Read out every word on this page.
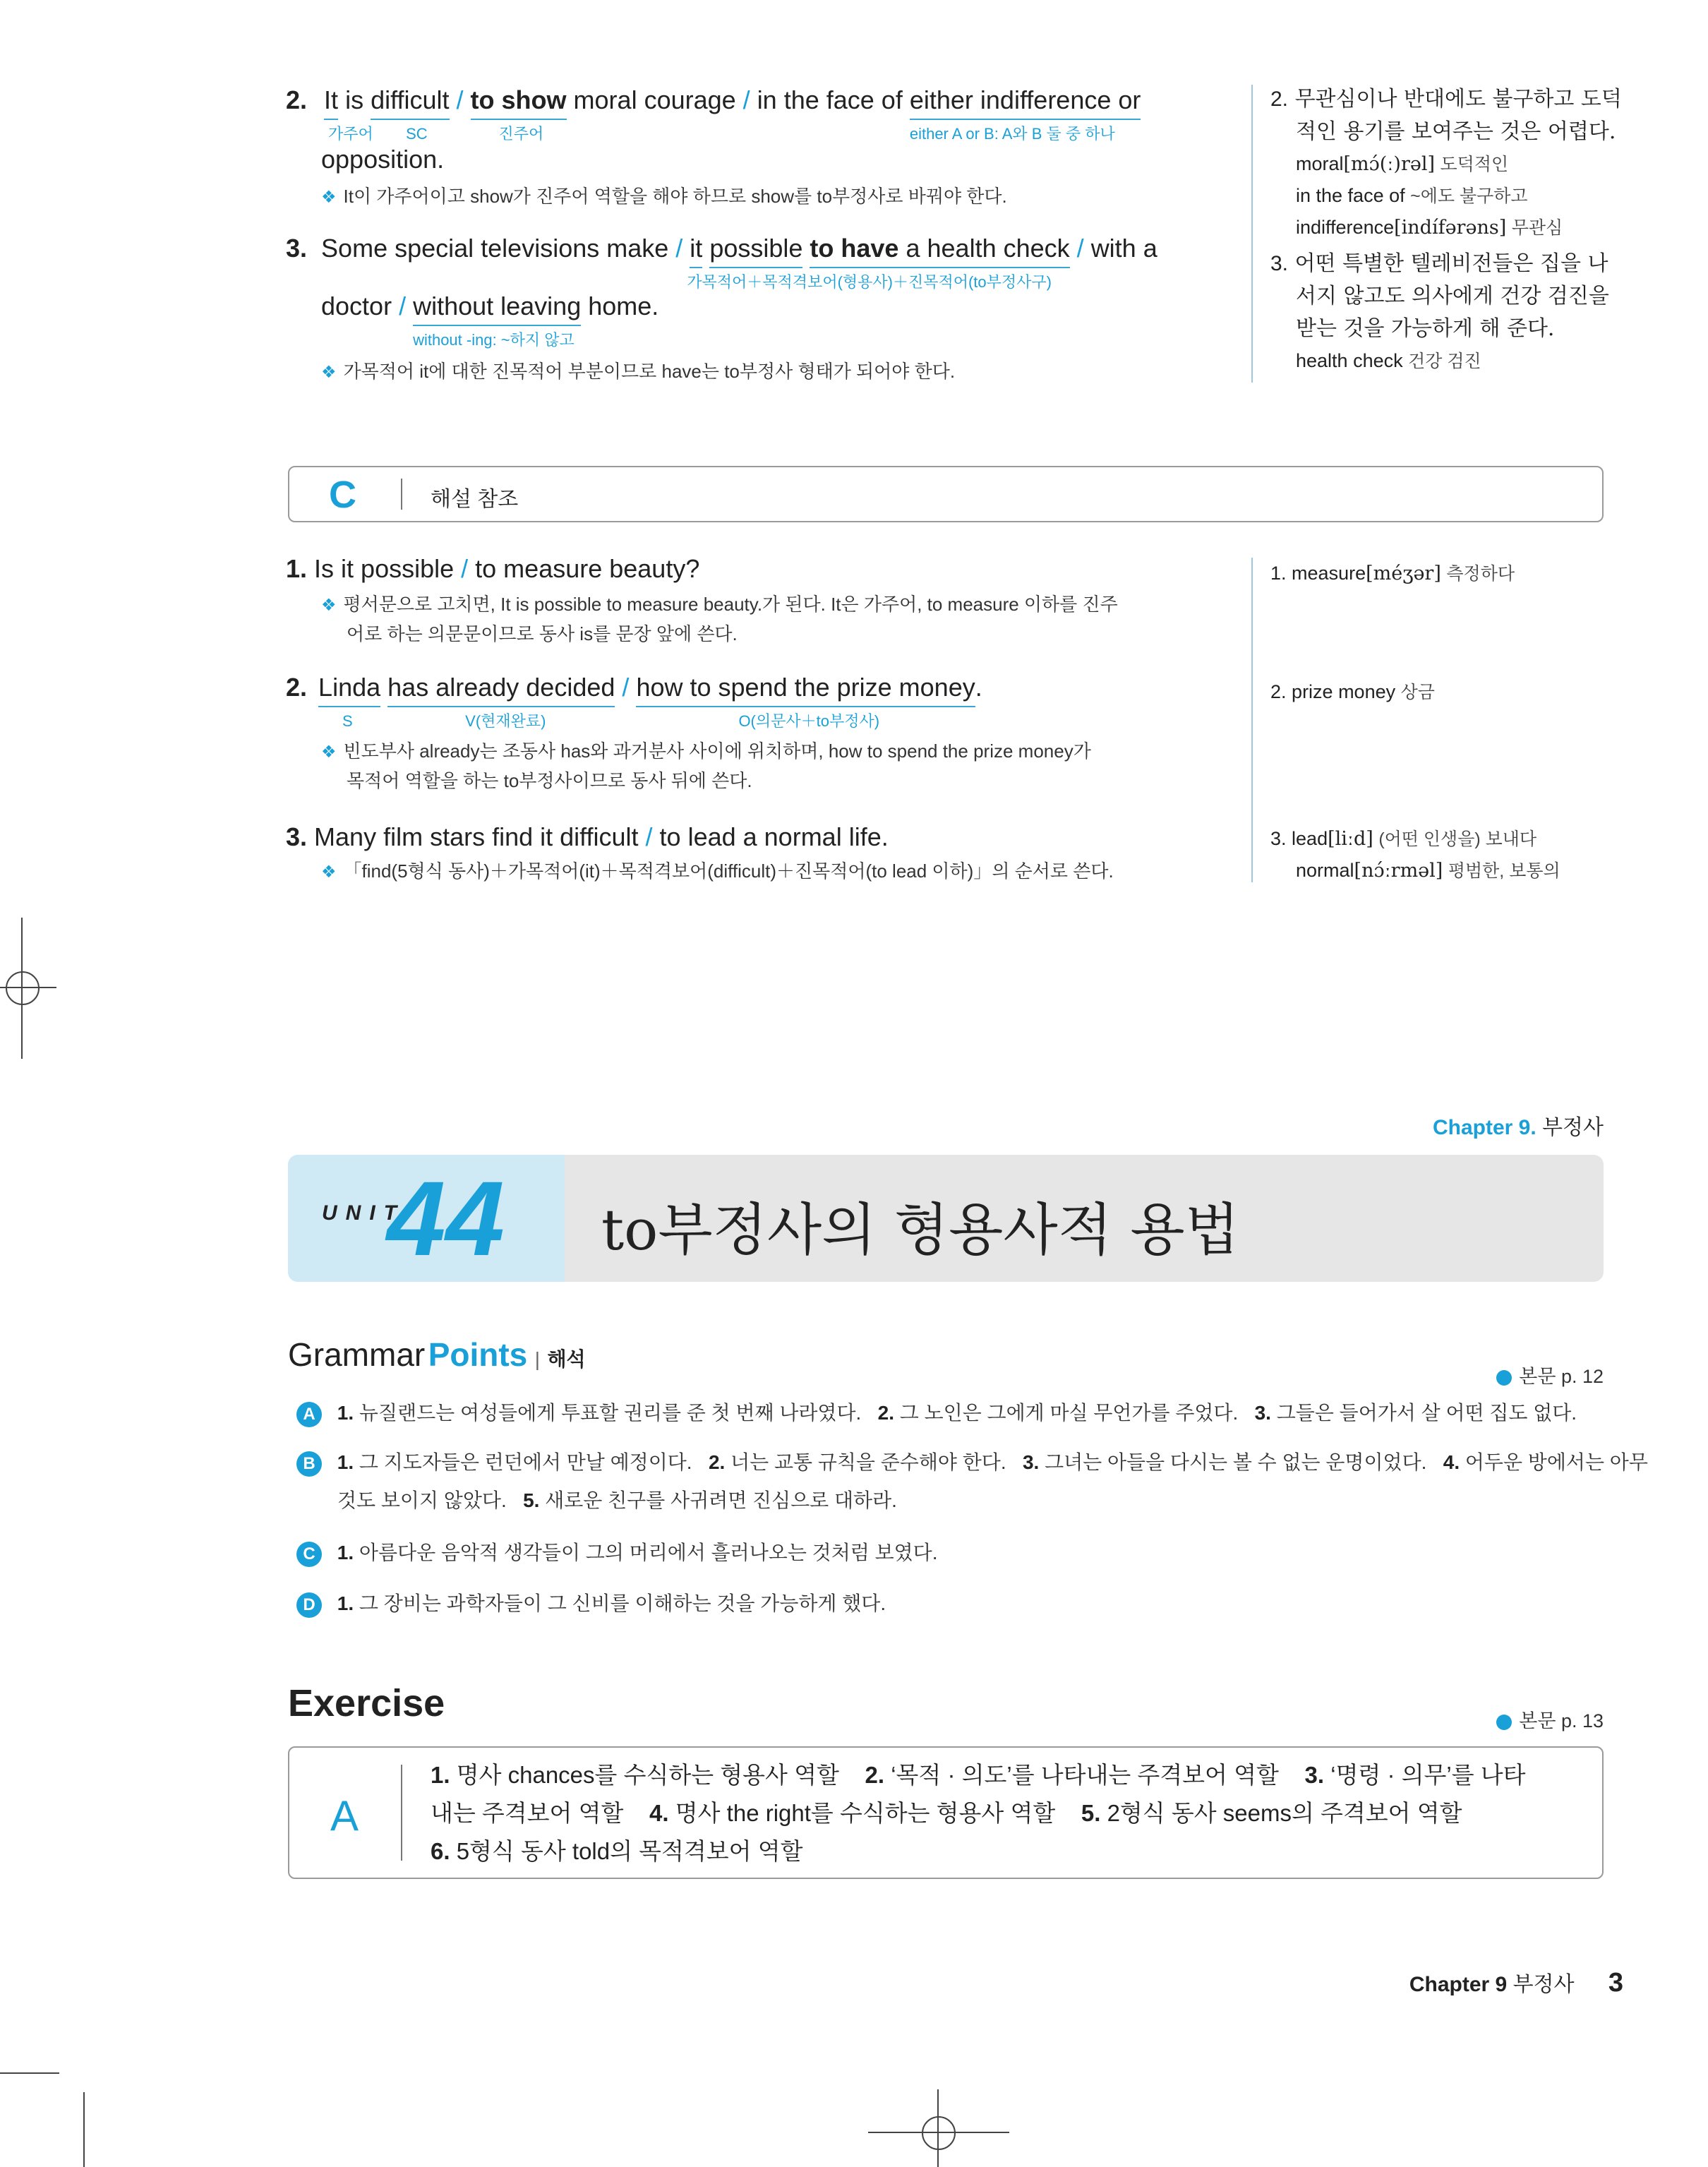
2. It
가주어
is difficult
SC
/ to show
진주어
moral courage / in the face of either indifference or
either A or B: A와 B 둘 중 하나
opposition.
❖ It이 가주어이고 show가 진주어 역할을 해야 하므로 show를 to부정사로 바꿔야 한다.
3. Some special televisions make / it
가목적어＋목적격보어(형용사)＋진목적어(to부정사구)
possible to have a health check / with a
doctor / without leaving
without -ing: ~하지 않고
home.
❖ 가목적어 it에 대한 진목적어 부분이므로 have는 to부정사 형태가 되어야 한다.
2. 무관심이나 반대에도 불구하고 도덕
적인 용기를 보여주는 것은 어렵다.
moral[mɔ́(ː)rəl] 도덕적인
in the face of ~에도 불구하고
indifference[indífərəns] 무관심
3. 어떤 특별한 텔레비전들은 집을 나
서지 않고도 의사에게 건강 검진을
받는 것을 가능하게 해 준다.
health check 건강 검진
C	해설 참조
1. Is it possible / to measure beauty?
❖ 평서문으로 고치면, It is possible to measure beauty.가 된다. It은 가주어, to measure 이하를 진주
어로 하는 의문문이므로 동사 is를 문장 앞에 쓴다.
1. measure[méʒər] 측정하다
2. Linda
S
has already decided
V(현재완료)
/ how to spend the prize money
O(의문사＋to부정사)
.
❖ 빈도부사 already는 조동사 has와 과거분사 사이에 위치하며, how to spend the prize money가
목적어 역할을 하는 to부정사이므로 동사 뒤에 쓴다.
2. prize money 상금
3. Many film stars find it difficult / to lead a normal life.
❖ 「find(5형식 동사)＋가목적어(it)＋목적격보어(difficult)＋진목적어(to lead 이하)」의 순서로 쓴다.
3. lead[liːd] (어떤 인생을) 보내다
normal[nɔ́ːrməl] 평범한, 보통의
Chapter 9. 부정사
UNIT
44 to부정사의 형용사적 용법
Grammar Points | 해석
본문 p. 12
A 1. 뉴질랜드는 여성들에게 투표할 권리를 준 첫 번째 나라였다.   2. 그 노인은 그에게 마실 무언가를 주었다.   3. 그들은 들어가서 살 어떤 집도 없다.
B 1. 그 지도자들은 런던에서 만날 예정이다.   2. 너는 교통 규칙을 준수해야 한다.   3. 그녀는 아들을 다시는 볼 수 없는 운명이었다.   4. 어두운 방에서는 아무
것도 보이지 않았다.   5. 새로운 친구를 사귀려면 진심으로 대하라.
C 1. 아름다운 음악적 생각들이 그의 머리에서 흘러나오는 것처럼 보였다.
D 1. 그 장비는 과학자들이 그 신비를 이해하는 것을 가능하게 했다.
Exercise	본문 p. 13
A
1. 명사 chances를 수식하는 형용사 역할    2. ‘목적 · 의도’를 나타내는 주격보어 역할    3. ‘명령 · 의무’를 나타
내는 주격보어 역할    4. 명사 the right를 수식하는 형용사 역할    5. 2형식 동사 seems의 주격보어 역할
6. 5형식 동사 told의 목적격보어 역할
Chapter 9 부정사 3
